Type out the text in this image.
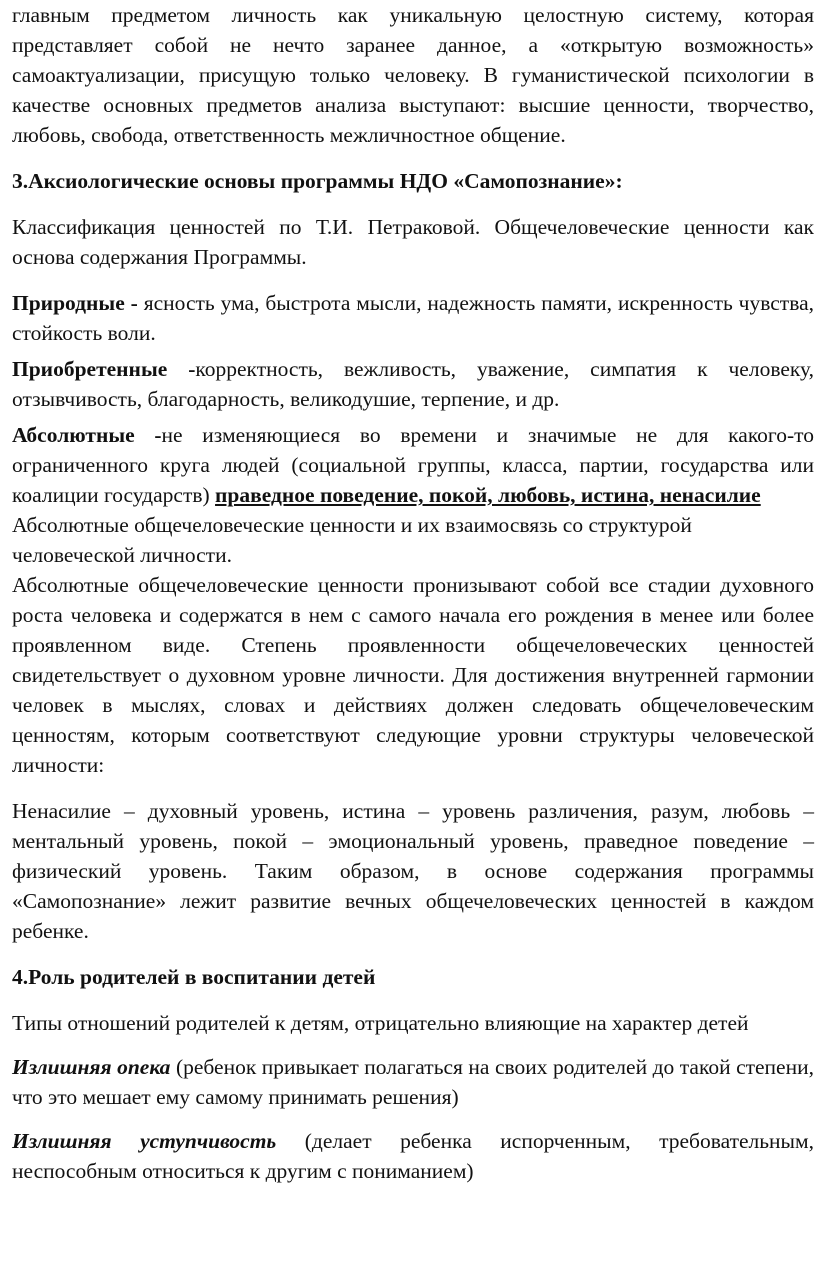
главным предметом личность как уникальную целостную систему, которая представляет собой не нечто заранее данное, а «открытую возможность» самоактуализации, присущую только человеку. В гуманистической психологии в качестве основных предметов анализа выступают: высшие ценности, творчество, любовь, свобода, ответственность межличностное общение.

3.Аксиологические основы программы НДО «Самопознание»:

Классификация ценностей по Т.И. Петраковой. Общечеловеческие ценности как основа содержания Программы.

Природные - ясность ума, быстрота мысли, надежность памяти, искренность чувства, стойкость воли.

Приобретенные -корректность, вежливость, уважение, симпатия к человеку, отзывчивость, благодарность, великодушие, терпение, и др.

Абсолютные -не изменяющиеся во времени и значимые не для какого-то ограниченного круга людей (социальной группы, класса, партии, государства или коалиции государств) праведное поведение, покой, любовь, истина, ненасилие

Абсолютные общечеловеческие ценности и их взаимосвязь со структурой человеческой личности.

Абсолютные общечеловеческие ценности пронизывают собой все стадии духовного роста человека и содержатся в нем с самого начала его рождения в менее или более проявленном виде. Степень проявленности общечеловеческих ценностей свидетельствует о духовном уровне личности. Для достижения внутренней гармонии человек в мыслях, словах и действиях должен следовать общечеловеческим ценностям, которым соответствуют следующие уровни структуры человеческой личности:

Ненасилие – духовный уровень, истина – уровень различения, разум, любовь – ментальный уровень, покой – эмоциональный уровень, праведное поведение – физический уровень. Таким образом, в основе содержания программы «Самопознание» лежит развитие вечных общечеловеческих ценностей в каждом ребенке.

4.Роль родителей в воспитании детей

Типы отношений родителей к детям, отрицательно влияющие на характер детей

Излишняя опека (ребенок привыкает полагаться на своих родителей до такой степени, что это мешает ему самому принимать решения)

Излишняя уступчивость (делает ребенка испорченным, требовательным, неспособным относиться к другим с пониманием)
